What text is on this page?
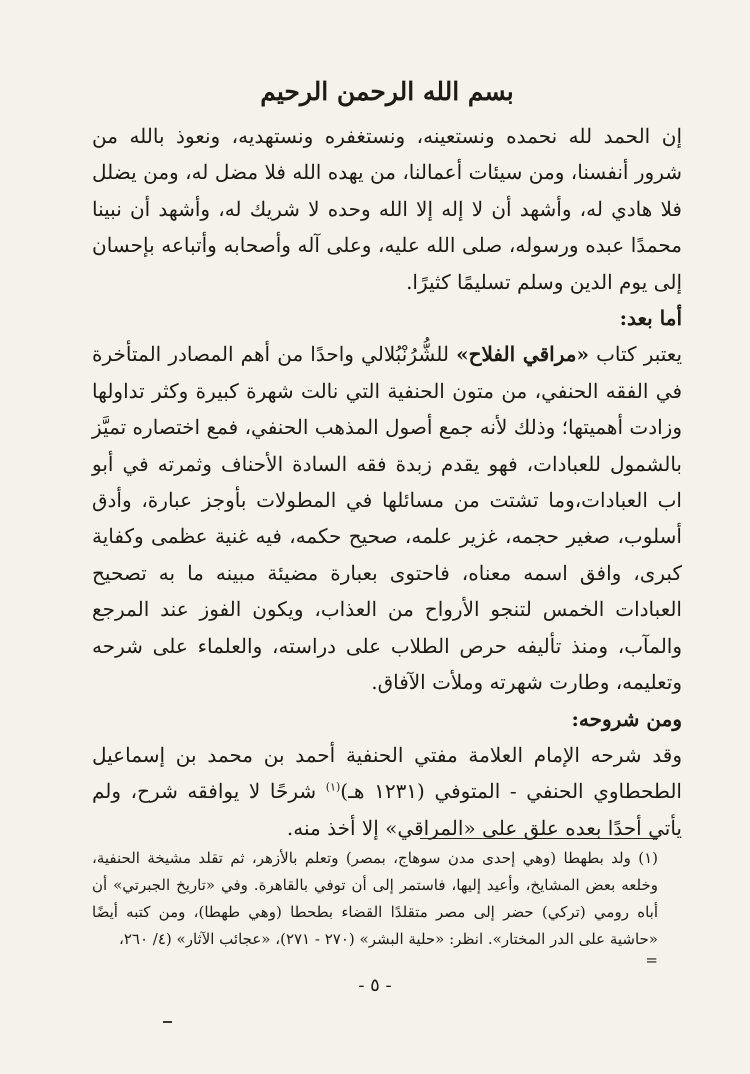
بسم الله الرحمن الرحيم

إن الحمد لله نحمده ونستعينه، ونستغفره ونستهديه، ونعوذ بالله من شرور أنفسنا، ومن سيئات أعمالنا، من يهده الله فلا مضل له، ومن يضلل فلا هادي له، وأشهد أن لا إله إلا الله وحده لا شريك له، وأشهد أن نبينا محمدًا عبده ورسوله، صلى الله عليه، وعلى آله وأصحابه وأتباعه بإحسان إلى يوم الدين وسلم تسليمًا كثيرًا.

أما بعد:

يعتبر كتاب «مراقي الفلاح» للشُّرُنْبُلالي واحدًا من أهم المصادر المتأخرة في الفقه الحنفي، من متون الحنفية التي نالت شهرة كبيرة وكثر تداولها وزادت أهميتها؛ وذلك لأنه جمع أصول المذهب الحنفي، فمع اختصاره تميَّز بالشمول للعبادات، فهو يقدم زبدة فقه السادة الأحناف وثمرته في أبو اب العبادات،وما تشتت من مسائلها في المطولات بأوجز عبارة، وأدق أسلوب، صغير حجمه، غزير علمه، صحيح حكمه، فيه غنية عظمى وكفاية كبرى، وافق اسمه معناه، فاحتوى بعبارة مضيئة مبينه ما به تصحيح العبادات الخمس لتنجو الأرواح من العذاب، ويكون الفوز عند المرجع والمآب، ومنذ تأليفه حرص الطلاب على دراسته، والعلماء على شرحه وتعليمه، وطارت شهرته وملأت الآفاق.

ومن شروحه:

وقد شرحه الإمام العلامة مفتي الحنفية أحمد بن محمد بن إسماعيل الطحطاوي الحنفي - المتوفي (١٢٣١ هـ)$^{(١)}$ شرحًا لا يوافقه شرح، ولم يأتي أحدًا بعده علق على «المراقي» إلا أخذ منه.

(١) ولد بطهطا (وهي إحدى مدن سوهاج، بمصر) وتعلم بالأزهر، ثم تقلد مشيخة الحنفية، وخلعه بعض المشايخ، وأعيد إليها، فاستمر إلى أن توفي بالقاهرة. وفي «تاريخ الجبرتي» أن أباه رومي (تركي) حضر إلى مصر متقلدًا القضاء بطحطا (وهي طهطا)، ومن كتبه أيضًا «حاشية على الدر المختار». انظر: «حلية البشر» (٢٧٠ - ٢٧١)، «عجائب الآثار» (٤/ ٢٦٠،
=
- ٥ -
